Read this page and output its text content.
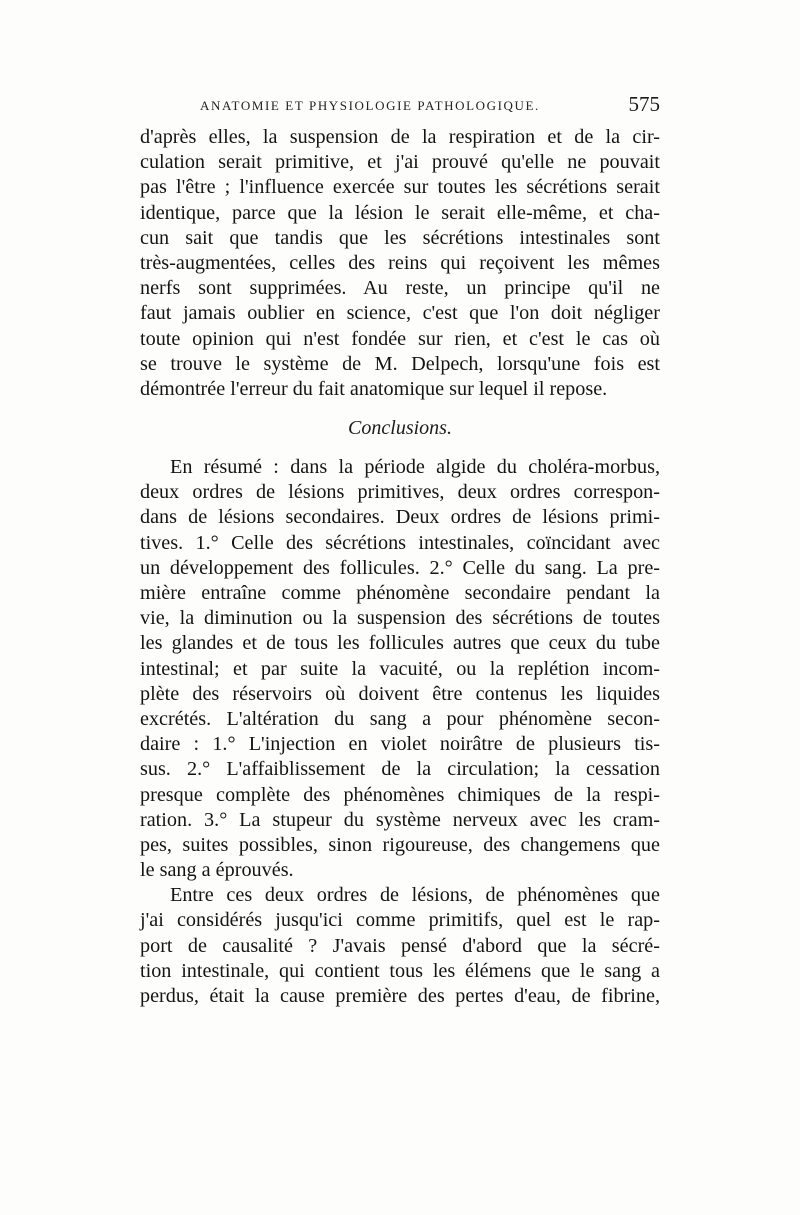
ANATOMIE ET PHYSIOLOGIE PATHOLOGIQUE.	575
d'après elles, la suspension de la respiration et de la cir-
culation serait primitive, et j'ai prouvé qu'elle ne pouvait
pas l'être ; l'influence exercée sur toutes les sécrétions serait
identique, parce que la lésion le serait elle-même, et cha-
cun sait que tandis que les sécrétions intestinales sont
très-augmentées, celles des reins qui reçoivent les mêmes
nerfs sont supprimées. Au reste, un principe qu'il ne
faut jamais oublier en science, c'est que l'on doit négliger
toute opinion qui n'est fondée sur rien, et c'est le cas où
se trouve le système de M. Delpech, lorsqu'une fois est
démontrée l'erreur du fait anatomique sur lequel il repose.
Conclusions.
En résumé : dans la période algide du choléra-morbus,
deux ordres de lésions primitives, deux ordres correspon-
dans de lésions secondaires. Deux ordres de lésions primi-
tives. 1.° Celle des sécrétions intestinales, coïncidant avec
un développement des follicules. 2.° Celle du sang. La pre-
mière entraîne comme phénomène secondaire pendant la
vie, la diminution ou la suspension des sécrétions de toutes
les glandes et de tous les follicules autres que ceux du tube
intestinal; et par suite la vacuité, ou la replétion incom-
plète des réservoirs où doivent être contenus les liquides
excrétés. L'altération du sang a pour phénomène secon-
daire : 1.° L'injection en violet noirâtre de plusieurs tis-
sus. 2.° L'affaiblissement de la circulation; la cessation
presque complète des phénomènes chimiques de la respi-
ration. 3.° La stupeur du système nerveux avec les cram-
pes, suites possibles, sinon rigoureuse, des changemens que
le sang a éprouvés.
Entre ces deux ordres de lésions, de phénomènes que
j'ai considérés jusqu'ici comme primitifs, quel est le rap-
port de causalité ? J'avais pensé d'abord que la sécré-
tion intestinale, qui contient tous les élémens que le sang a
perdus, était la cause première des pertes d'eau, de fibrine,
